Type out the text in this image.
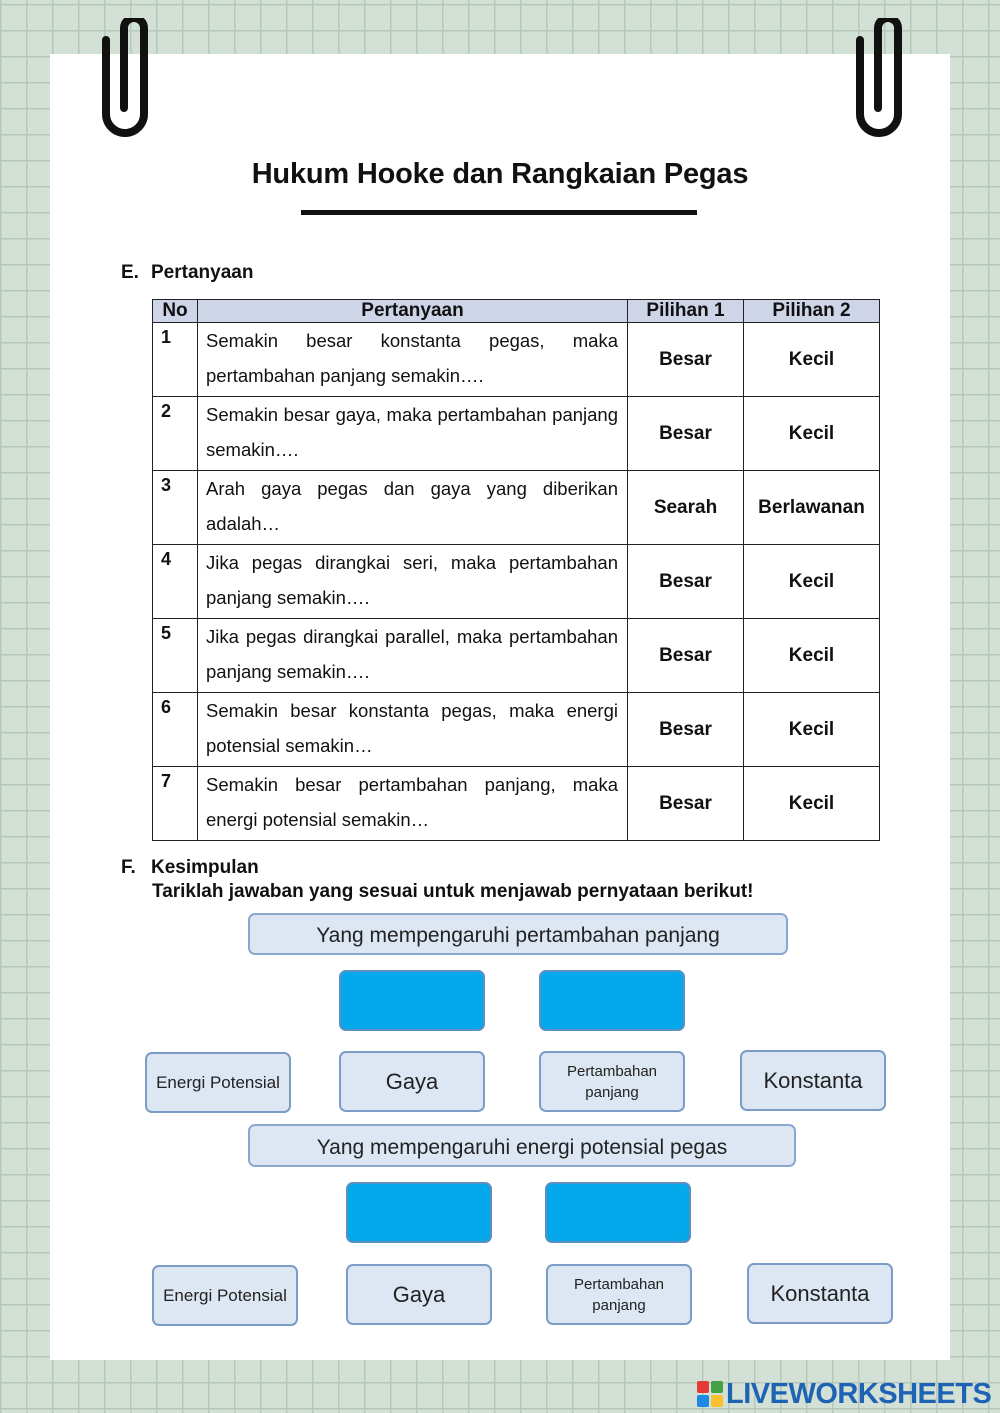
Hukum Hooke dan Rangkaian Pegas
E. Pertanyaan
No	Pertanyaan	Pilihan 1	Pilihan 2
1	Semakin besar konstanta pegas, maka pertambahan panjang semakin….	Besar	Kecil
2	Semakin besar gaya, maka pertambahan panjang semakin….	Besar	Kecil
3	Arah gaya pegas dan gaya yang diberikan adalah…	Searah	Berlawanan
4	Jika pegas dirangkai seri, maka pertambahan panjang semakin….	Besar	Kecil
5	Jika pegas dirangkai parallel, maka pertambahan panjang semakin….	Besar	Kecil
6	Semakin besar konstanta pegas, maka energi potensial semakin…	Besar	Kecil
7	Semakin besar pertambahan panjang, maka energi potensial semakin…	Besar	Kecil
F. Kesimpulan
Tariklah jawaban yang sesuai untuk menjawab pernyataan berikut!
Yang mempengaruhi pertambahan panjang
Energi Potensial	Gaya	Pertambahan panjang	Konstanta
Yang mempengaruhi energi potensial pegas
Energi Potensial	Gaya	Pertambahan panjang	Konstanta
LIVEWORKSHEETS
